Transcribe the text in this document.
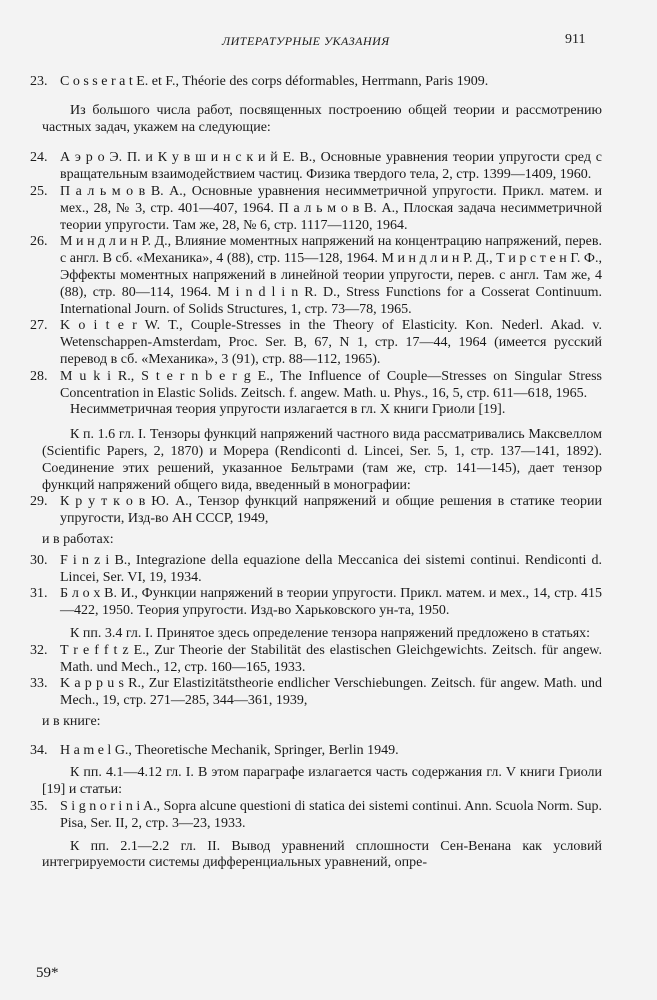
ЛИТЕРАТУРНЫЕ УКАЗАНИЯ	911
23. C o s s e r a t E. et F., Théorie des corps déformables, Herrmann, Paris 1909.

Из большого числа работ, посвященных построению общей теории и рассмотрению частных задач, укажем на следующие:

24. А э р о Э. П. и К у в ш и н с к и й Е. В., Основные уравнения теории упругости сред с вращательным взаимодействием частиц. Физика твердого тела, 2, стр. 1399—1409, 1960.
25. П а л ь м о в В. А., Основные уравнения несимметричной упругости. Прикл. матем. и мех., 28, № 3, стр. 401—407, 1964. П а л ь м о в В. А., Плоская задача несимметричной теории упругости. Там же, 28, № 6, стр. 1117—1120, 1964.
26. М и н д л и н Р. Д., Влияние моментных напряжений на концентрацию напряжений, перев. с англ. В сб. «Механика», 4 (88), стр. 115—128, 1964. М и н д л и н Р. Д., Т и р с т е н Г. Ф., Эффекты моментных напряжений в линейной теории упругости, перев. с англ. Там же, 4 (88), стр. 80—114, 1964. M i n d l i n R. D., Stress Functions for a Cosserat Continuum. International Journ. of Solids Structures, 1, стр. 73—78, 1965.
27. K o i t e r W. T., Couple-Stresses in the Theory of Elasticity. Kon. Nederl. Akad. v. Wetenschappen-Amsterdam, Proc. Ser. B, 67, N 1, стр. 17—44, 1964 (имеется русский перевод в сб. «Механика», 3 (91), стр. 88—112, 1965).
28. M u k i R., S t e r n b e r g E., The Influence of Couple—Stresses on Singular Stress Concentration in Elastic Solids. Zeitsch. f. angew. Math. u. Phys., 16, 5, стр. 611—618, 1965.

Несимметричная теория упругости излагается в гл. X книги Гриоли [19].

К п. 1.6 гл. I. Тензоры функций напряжений частного вида рассматривались Максвеллом (Scientific Papers, 2, 1870) и Морера (Rendiconti d. Lincei, Ser. 5, 1, стр. 137—141, 1892). Соединение этих решений, указанное Бельтрами (там же, стр. 141—145), дает тензор функций напряжений общего вида, введенный в монографии:

29. К р у т к о в Ю. А., Тензор функций напряжений и общие решения в статике теории упругости, Изд-во АН СССР, 1949,

и в работах:

30. F i n z i B., Integrazione della equazione della Meccanica dei sistemi continui. Rendiconti d. Lincei, Ser. VI, 19, 1934.
31. Б л о х В. И., Функции напряжений в теории упругости. Прикл. матем. и мех., 14, стр. 415—422, 1950. Теория упругости. Изд-во Харьковского ун-та, 1950.

К пп. 3.4 гл. I. Принятое здесь определение тензора напряжений предложено в статьях:

32. T r e f f t z E., Zur Theorie der Stabilität des elastischen Gleichgewichts. Zeitsch. für angew. Math. und Mech., 12, стр. 160—165, 1933.
33. K a p p u s R., Zur Elastizitätstheorie endlicher Verschiebungen. Zeitsch. für angew. Math. und Mech., 19, стр. 271—285, 344—361, 1939,

и в книге:

34. H a m e l G., Theoretische Mechanik, Springer, Berlin 1949.

К пп. 4.1—4.12 гл. I. В этом параграфе излагается часть содержания гл. V книги Гриоли [19] и статьи:

35. S i g n o r i n i A., Sopra alcune questioni di statica dei sistemi continui. Ann. Scuola Norm. Sup. Pisa, Ser. II, 2, стр. 3—23, 1933.

К пп. 2.1—2.2 гл. II. Вывод уравнений сплошности Сен-Венана как условий интегрируемости системы дифференциальных уравнений, опре-

59*
